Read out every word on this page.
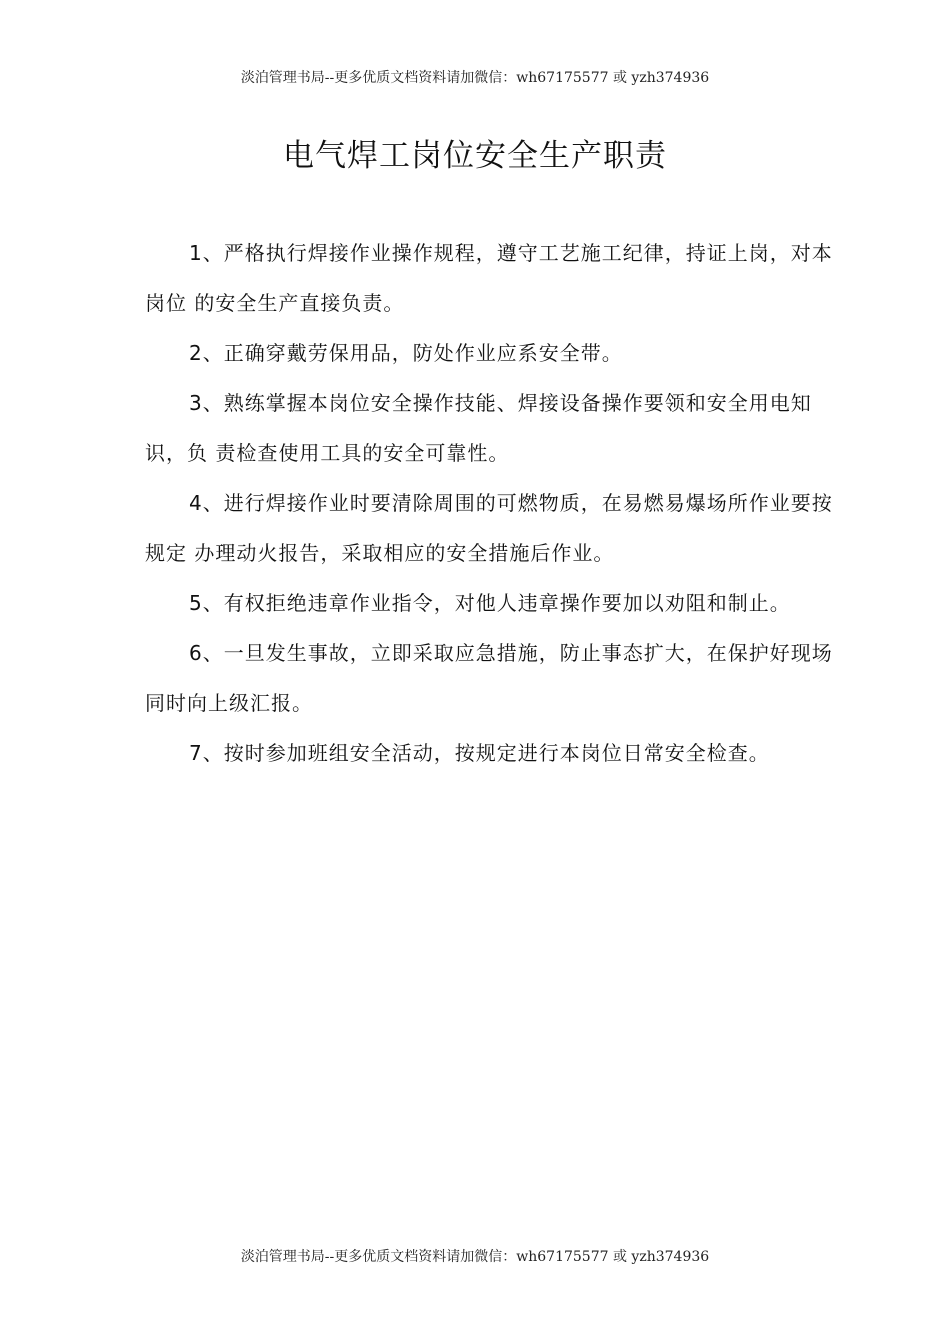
淡泊管理书局--更多优质文档资料请加微信：wh67175577 或 yzh374936
电气焊工岗位安全生产职责

1、严格执行焊接作业操作规程，遵守工艺施工纪律，持证上岗，对本岗位 的安全生产直接负责。

2、正确穿戴劳保用品，防处作业应系安全带。

3、熟练掌握本岗位安全操作技能、焊接设备操作要领和安全用电知识，负 责检查使用工具的安全可靠性。

4、进行焊接作业时要清除周围的可燃物质，在易燃易爆场所作业要按规定 办理动火报告，采取相应的安全措施后作业。

5、有权拒绝违章作业指令，对他人违章操作要加以劝阻和制止。

6、一旦发生事故，立即采取应急措施，防止事态扩大，在保护好现场同时向上级汇报。

7、按时参加班组安全活动，按规定进行本岗位日常安全检查。

淡泊管理书局--更多优质文档资料请加微信：wh67175577 或 yzh374936
